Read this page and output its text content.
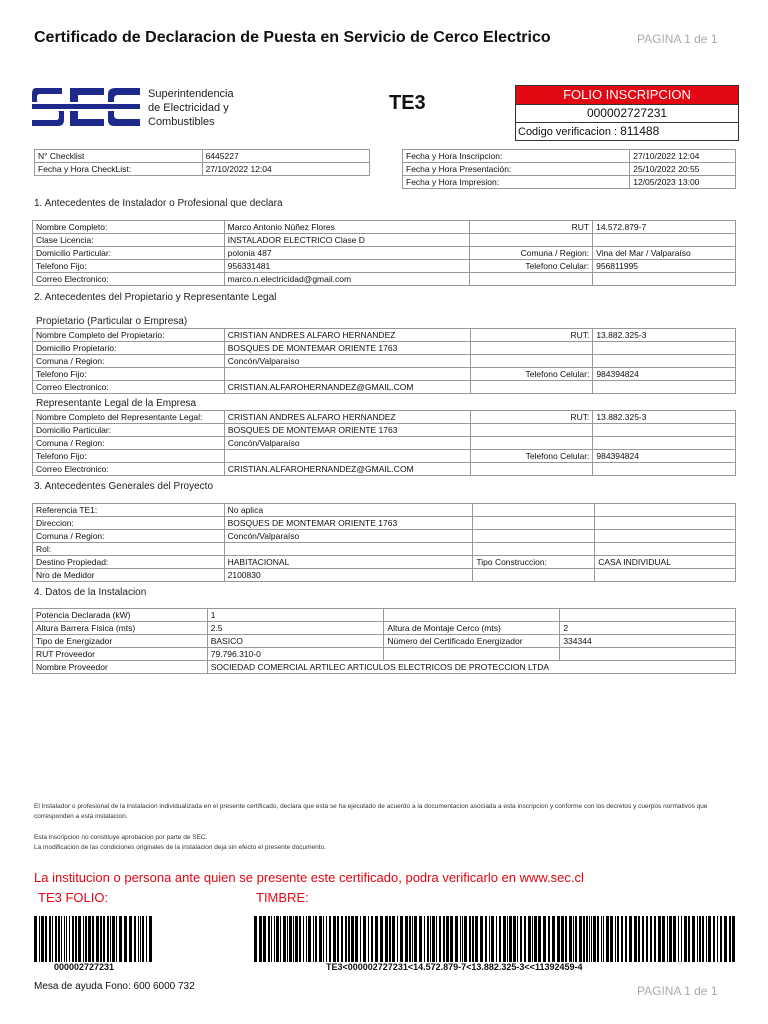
Certificado de Declaracion de Puesta en Servicio de Cerco Electrico	PAGINA 1 de 1
Superintendencia
de Electricidad y
Combustibles
TE3	FOLIO INSCRIPCION
000002727231
Codigo verificacion : 811488
N° Checklist	6445227
Fecha y Hora CheckList:	27/10/2022 12:04
Fecha y Hora Inscripcion:	27/10/2022 12:04
Fecha y Hora Presentación:	25/10/2022 20:55
Fecha y Hora Impresion:	12/05/2023 13:00
1. Antecedentes de Instalador o Profesional que declara
Nombre Completo:	Marco Antonio Núñez Flores	RUT	14.572.879-7
Clase Licencia:	INSTALADOR ELECTRICO Clase D		
Domicilio Particular:	polonia 487	Comuna / Region:	Vina del Mar / Valparaíso
Telefono Fijo:	956331481	Telefono Celular:	956811995
Correo Electronico:	marco.n.electricidad@gmail.com		
2. Antecedentes del Propietario y Representante Legal
Propietario (Particular o Empresa)
Nombre Completo del Propietario:	CRISTIAN ANDRES ALFARO HERNANDEZ	RUT:	13.882.325-3
Domicilio Propietario:	BOSQUES DE MONTEMAR ORIENTE 1763		
Comuna / Region:	Concón/Valparaíso		
Telefono Fijo:		Telefono Celular:	984394824
Correo Electronico:	CRISTIAN.ALFAROHERNANDEZ@GMAIL.COM		
Representante Legal de la Empresa
Nombre Completo del Representante Legal:	CRISTIAN ANDRES ALFARO HERNANDEZ	RUT:	13.882.325-3
Domicilio Particular:	BOSQUES DE MONTEMAR ORIENTE 1763		
Comuna / Region:	Concón/Valparaíso		
Telefono Fijo:		Telefono Celular:	984394824
Correo Electronico:	CRISTIAN.ALFAROHERNANDEZ@GMAIL.COM		
3. Antecedentes Generales del Proyecto
Referencia TE1:	No aplica		
Direccion:	BOSQUES DE MONTEMAR ORIENTE 1763		
Comuna / Region:	Concón/Valparaíso		
Rol:			
Destino Propiedad:	HABITACIONAL	Tipo Construccion:	CASA INDIVIDUAL
Nro de Medidor	2100830		
4. Datos de la Instalacion
Potencia Declarada (kW)	1		
Altura Barrera Fisica (mts)	2.5	Altura de Montaje Cerco (mts)	2
Tipo de Energizador	BASICO	Número del Certificado Energizador	334344
RUT Proveedor	79.796.310-0		
Nombre Proveedor	SOCIEDAD COMERCIAL ARTILEC ARTICULOS ELECTRICOS DE PROTECCION LTDA		
El Instalador o profesional de la instalacion individualizada en el presente certificado, declara que esta se ha ejecutado de acuerdo a la documentacion asociada a esta inscripcion y conforme con los decretos y cuerpos normativos que corresponden a esta instalacion.
Esta inscripcion no constituye aprobacion por parte de SEC.
La modificacion de las condiciones originales de la instalacion deja sin efecto el presente documento.
La institucion o persona ante quien se presente este certificado, podra verificarlo en www.sec.cl
TE3 FOLIO:	TIMBRE:
000002727231	TE3<000002727231<14.572.879-7<13.882.325-3<<11392459-4
Mesa de ayuda Fono: 600 6000 732	PAGINA 1 de 1
